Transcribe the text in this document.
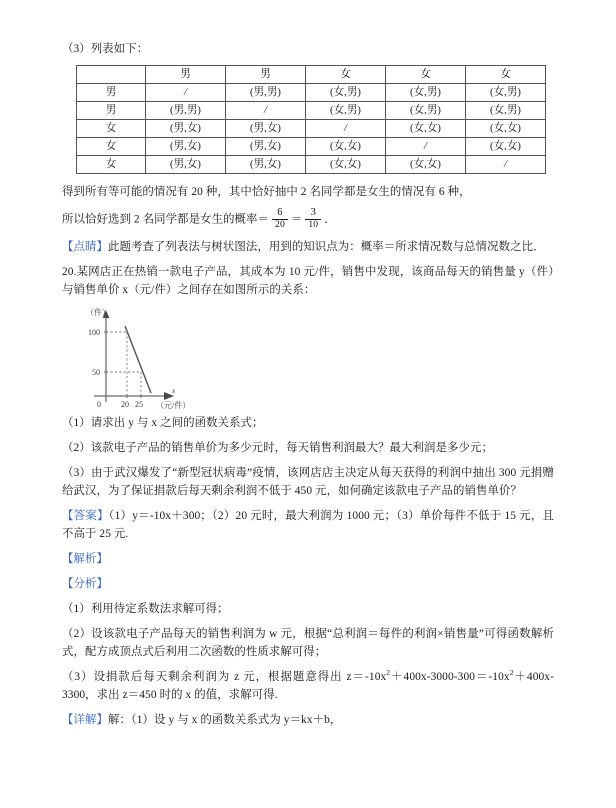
（3）列表如下：

	男	男	女	女	女
男	/	(男,男)	(女,男)	(女,男)	(女,男)
男	(男,男)	/	(女,男)	(女,男)	(女,男)
女	(男,女)	(男,女)	/	(女,女)	(女,女)
女	(男,女)	(男,女)	(女,女)	/	(女,女)
女	(男,女)	(男,女)	(女,女)	(女,女)	/

得到所有等可能的情况有 20 种，其中恰好抽中 2 名同学都是女生的情况有 6 种，

所以恰好选到 2 名同学都是女生的概率＝ $\frac{6}{20} = \frac{3}{10}$ ．

【点睛】此题考查了列表法与树状图法，用到的知识点为：概率＝所求情况数与总情况数之比．

20.某网店正在热销一款电子产品，其成本为 10 元/件，销售中发现，该商品每天的销售量 y（件）与销售单价 x（元/件）之间存在如图所示的关系：

（件）
100
50
0	20 25
x
（元/件）

（1）请求出 y 与 x 之间的函数关系式；

（2）该款电子产品的销售单价为多少元时，每天销售利润最大？最大利润是多少元；

（3）由于武汉爆发了“新型冠状病毒”疫情，该网店店主决定从每天获得的利润中抽出 300 元捐赠给武汉，为了保证捐款后每天剩余利润不低于 450 元，如何确定该款电子产品的销售单价？

【答案】（1）y＝-10x＋300；（2）20 元时，最大利润为 1000 元；（3）单价每件不低于 15 元，且不高于 25 元.

【解析】

【分析】

（1）利用待定系数法求解可得；

（2）设该款电子产品每天的销售利润为 w 元，根据“总利润＝每件的利润×销售量”可得函数解析式，配方成顶点式后利用二次函数的性质求解可得；

（3）设捐款后每天剩余利润为 z 元，根据题意得出 $z=-10x^2+400x-3000-300=-10x^2+400x-3300$，求出 z＝450 时的 x 的值，求解可得.

【详解】解：（1）设 y 与 x 的函数关系式为 y＝kx＋b，
